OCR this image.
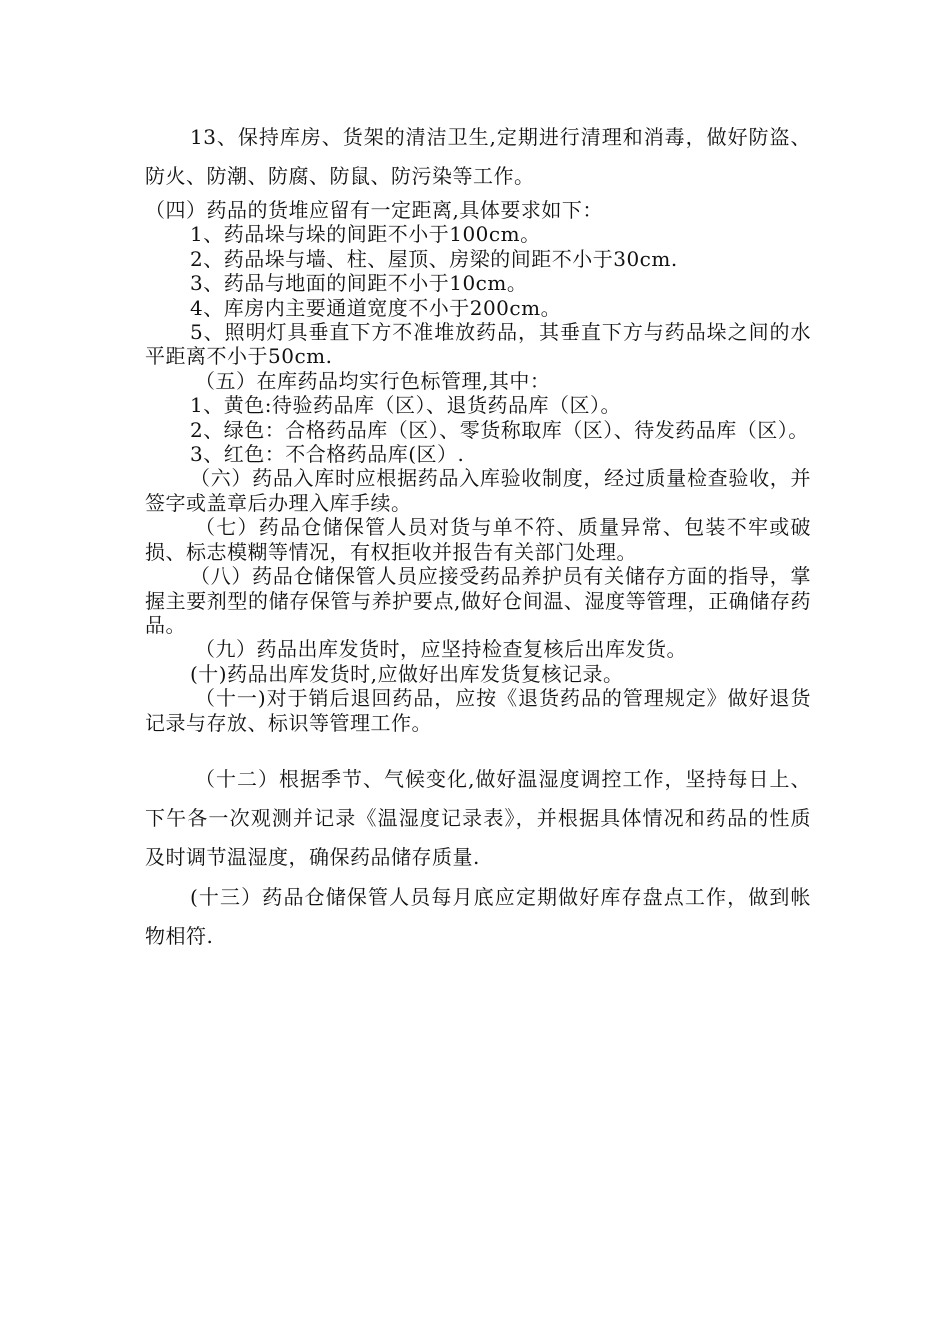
13、保持库房、货架的清洁卫生,定期进行清理和消毒，做好防盗、防火、防潮、防腐、防鼠、防污染等工作。

（四）药品的货堆应留有一定距离,具体要求如下：

1、药品垛与垛的间距不小于100cm。

2、药品垛与墙、柱、屋顶、房梁的间距不小于30cm.

3、药品与地面的间距不小于10cm。

4、库房内主要通道宽度不小于200cm。

5、照明灯具垂直下方不准堆放药品，其垂直下方与药品垛之间的水平距离不小于50cm.

（五）在库药品均实行色标管理,其中：

1、黄色:待验药品库（区）、退货药品库（区）。

2、绿色：合格药品库（区）、零货称取库（区）、待发药品库（区）。

3、红色：不合格药品库(区）.

（六）药品入库时应根据药品入库验收制度，经过质量检查验收，并签字或盖章后办理入库手续。

（七）药品仓储保管人员对货与单不符、质量异常、包装不牢或破损、标志模糊等情况，有权拒收并报告有关部门处理。

（八）药品仓储保管人员应接受药品养护员有关储存方面的指导，掌握主要剂型的储存保管与养护要点,做好仓间温、湿度等管理，正确储存药品。

（九）药品出库发货时，应坚持检查复核后出库发货。

(十)药品出库发货时,应做好出库发货复核记录。

（十一)对于销后退回药品，应按《退货药品的管理规定》做好退货记录与存放、标识等管理工作。

（十二）根据季节、气候变化,做好温湿度调控工作，坚持每日上、下午各一次观测并记录《温湿度记录表》，并根据具体情况和药品的性质及时调节温湿度，确保药品储存质量.

(十三）药品仓储保管人员每月底应定期做好库存盘点工作，做到帐物相符.
